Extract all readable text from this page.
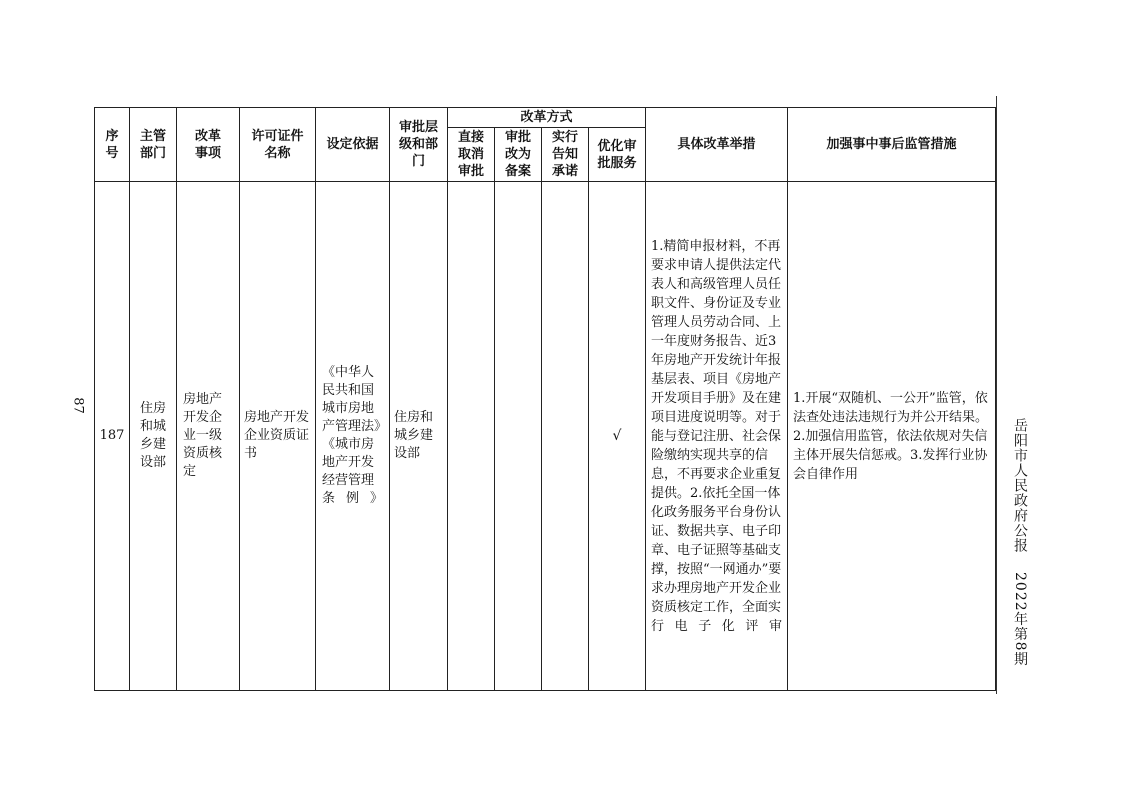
87
岳阳市人民政府公报 2022年第8期
序号	主管部门	改革事项	许可证件名称	设定依据	审批层级和部门	改革方式				具体改革举措	加强事中事后监管措施

						直接取消审批	审批改为备案	实行告知承诺	优化审批服务		

187	住房和城乡建设部	房地产开发企业一级资质核定	房地产开发企业资质证书	《中华人民共和国城市房地产管理法》《城市房地产开发经营管理条例》	住房和城乡建设部				√	1.精简申报材料，不再要求申请人提供法定代表人和高级管理人员任职文件、身份证及专业管理人员劳动合同、上一年度财务报告、近3年房地产开发统计年报基层表、项目《房地产开发项目手册》及在建项目进度说明等。对于能与登记注册、社会保险缴纳实现共享的信息，不再要求企业重复提供。2.依托全国一体化政务服务平台身份认证、数据共享、电子印章、电子证照等基础支撑，按照“一网通办”要求办理房地产开发企业资质核定工作，全面实行电子化评审	1.开展“双随机、一公开”监管，依法查处违法违规行为并公开结果。2.加强信用监管，依法依规对失信主体开展失信惩戒。3.发挥行业协会自律作用
